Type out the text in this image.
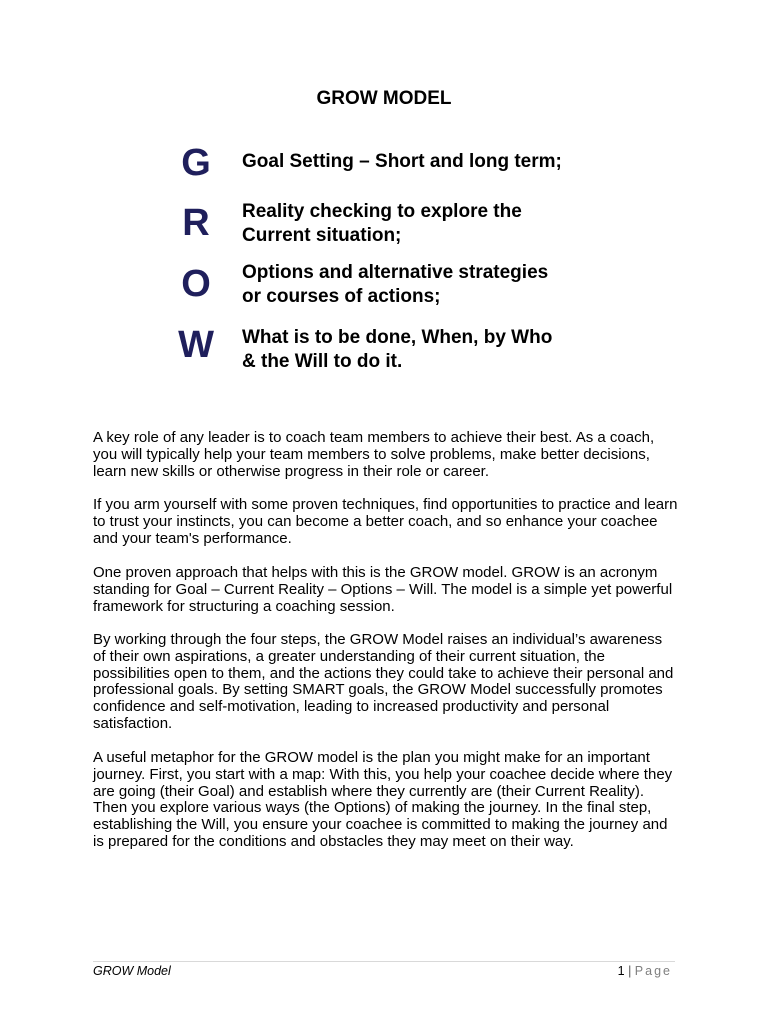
GROW MODEL
G	Goal Setting – Short and long term;
R	Reality checking to explore the
Current situation;
O	Options and alternative strategies
or courses of actions;
W	What is to be done, When, by Who
& the Will to do it.

A key role of any leader is to coach team members to achieve their best. As a coach, you will typically help your team members to solve problems, make better decisions, learn new skills or otherwise progress in their role or career.

If you arm yourself with some proven techniques, find opportunities to practice and learn to trust your instincts, you can become a better coach, and so enhance your coachee and your team's performance.

One proven approach that helps with this is the GROW model. GROW is an acronym standing for Goal – Current Reality – Options – Will. The model is a simple yet powerful framework for structuring a coaching session.

By working through the four steps, the GROW Model raises an individual’s awareness of their own aspirations, a greater understanding of their current situation, the possibilities open to them, and the actions they could take to achieve their personal and professional goals. By setting SMART goals, the GROW Model successfully promotes confidence and self-motivation, leading to increased productivity and personal satisfaction.

A useful metaphor for the GROW model is the plan you might make for an important journey. First, you start with a map: With this, you help your coachee decide where they are going (their Goal) and establish where they currently are (their Current Reality). Then you explore various ways (the Options) of making the journey. In the final step, establishing the Will, you ensure your coachee is committed to making the journey and is prepared for the conditions and obstacles they may meet on their way.

GROW Model	1 | Page
